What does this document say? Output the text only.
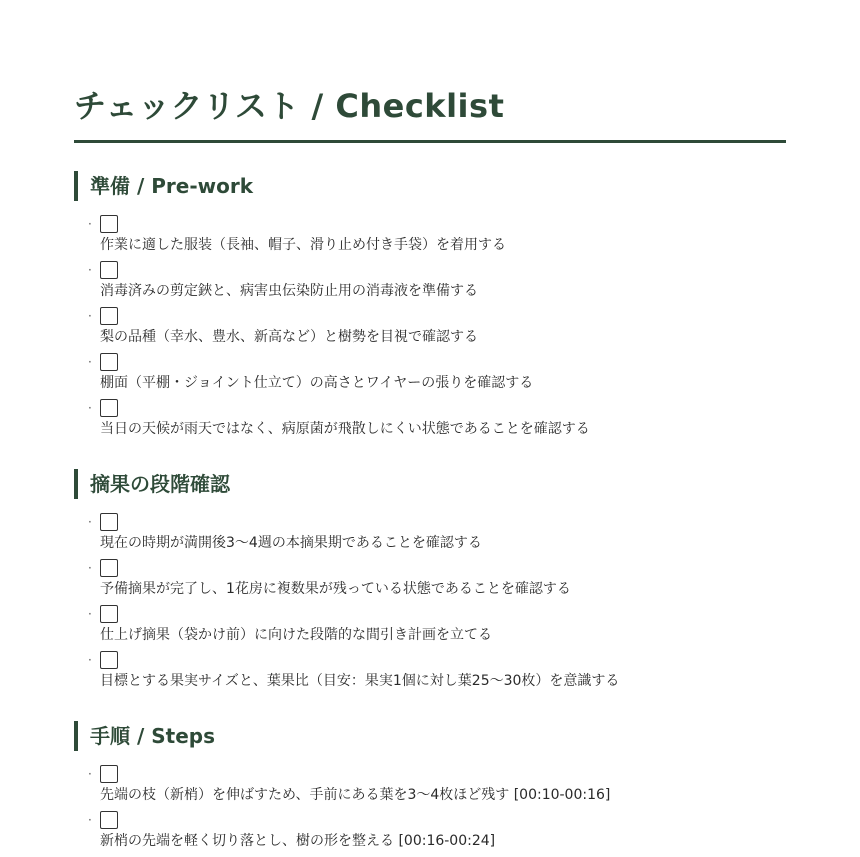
チェックリスト / Checklist
準備 / Pre-work
·
作業に適した服装（長袖、帽子、滑り止め付き手袋）を着用する
·
消毒済みの剪定鋏と、病害虫伝染防止用の消毒液を準備する
·
梨の品種（幸水、豊水、新高など）と樹勢を目視で確認する
·
棚面（平棚・ジョイント仕立て）の高さとワイヤーの張りを確認する
·
当日の天候が雨天ではなく、病原菌が飛散しにくい状態であることを確認する
摘果の段階確認
·
現在の時期が満開後3～4週の本摘果期であることを確認する
·
予備摘果が完了し、1花房に複数果が残っている状態であることを確認する
·
仕上げ摘果（袋かけ前）に向けた段階的な間引き計画を立てる
·
目標とする果実サイズと、葉果比（目安：果実1個に対し葉25～30枚）を意識する
手順 / Steps
·
先端の枝（新梢）を伸ばすため、手前にある葉を3～4枚ほど残す [00:10-00:16]
·
新梢の先端を軽く切り落とし、樹の形を整える [00:16-00:24]
